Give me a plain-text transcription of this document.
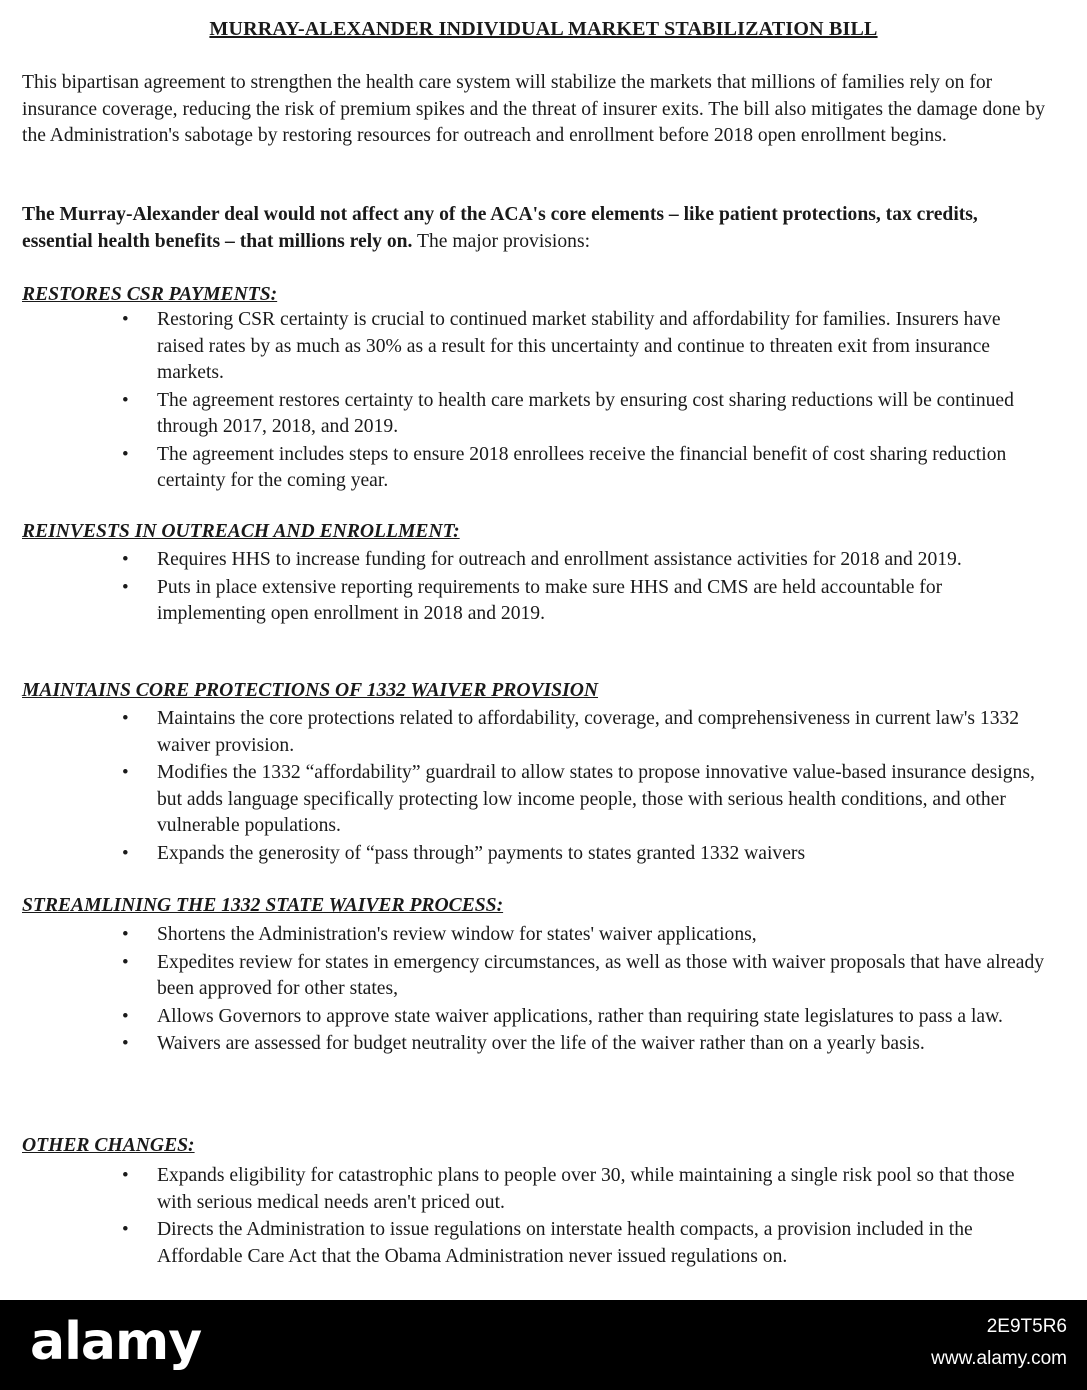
MURRAY-ALEXANDER INDIVIDUAL MARKET STABILIZATION BILL

This bipartisan agreement to strengthen the health care system will stabilize the markets that millions of families rely on for insurance coverage, reducing the risk of premium spikes and the threat of insurer exits. The bill also mitigates the damage done by the Administration's sabotage by restoring resources for outreach and enrollment before 2018 open enrollment begins.

The Murray-Alexander deal would not affect any of the ACA's core elements – like patient protections, tax credits, essential health benefits – that millions rely on. The major provisions:

RESTORES CSR PAYMENTS:
• Restoring CSR certainty is crucial to continued market stability and affordability for families. Insurers have raised rates by as much as 30% as a result for this uncertainty and continue to threaten exit from insurance markets.
• The agreement restores certainty to health care markets by ensuring cost sharing reductions will be continued through 2017, 2018, and 2019.
• The agreement includes steps to ensure 2018 enrollees receive the financial benefit of cost sharing reduction certainty for the coming year.
REINVESTS IN OUTREACH AND ENROLLMENT:
• Requires HHS to increase funding for outreach and enrollment assistance activities for 2018 and 2019.
• Puts in place extensive reporting requirements to make sure HHS and CMS are held accountable for implementing open enrollment in 2018 and 2019.
MAINTAINS CORE PROTECTIONS OF 1332 WAIVER PROVISION
• Maintains the core protections related to affordability, coverage, and comprehensiveness in current law's 1332 waiver provision.
• Modifies the 1332 “affordability” guardrail to allow states to propose innovative value-based insurance designs, but adds language specifically protecting low income people, those with serious health conditions, and other vulnerable populations.
• Expands the generosity of “pass through” payments to states granted 1332 waivers
STREAMLINING THE 1332 STATE WAIVER PROCESS:
• Shortens the Administration's review window for states' waiver applications,
• Expedites review for states in emergency circumstances, as well as those with waiver proposals that have already been approved for other states,
• Allows Governors to approve state waiver applications, rather than requiring state legislatures to pass a law.
• Waivers are assessed for budget neutrality over the life of the waiver rather than on a yearly basis.
OTHER CHANGES:
• Expands eligibility for catastrophic plans to people over 30, while maintaining a single risk pool so that those with serious medical needs aren't priced out.
• Directs the Administration to issue regulations on interstate health compacts, a provision included in the Affordable Care Act that the Obama Administration never issued regulations on.
alamy	2E9T5R6
www.alamy.com
